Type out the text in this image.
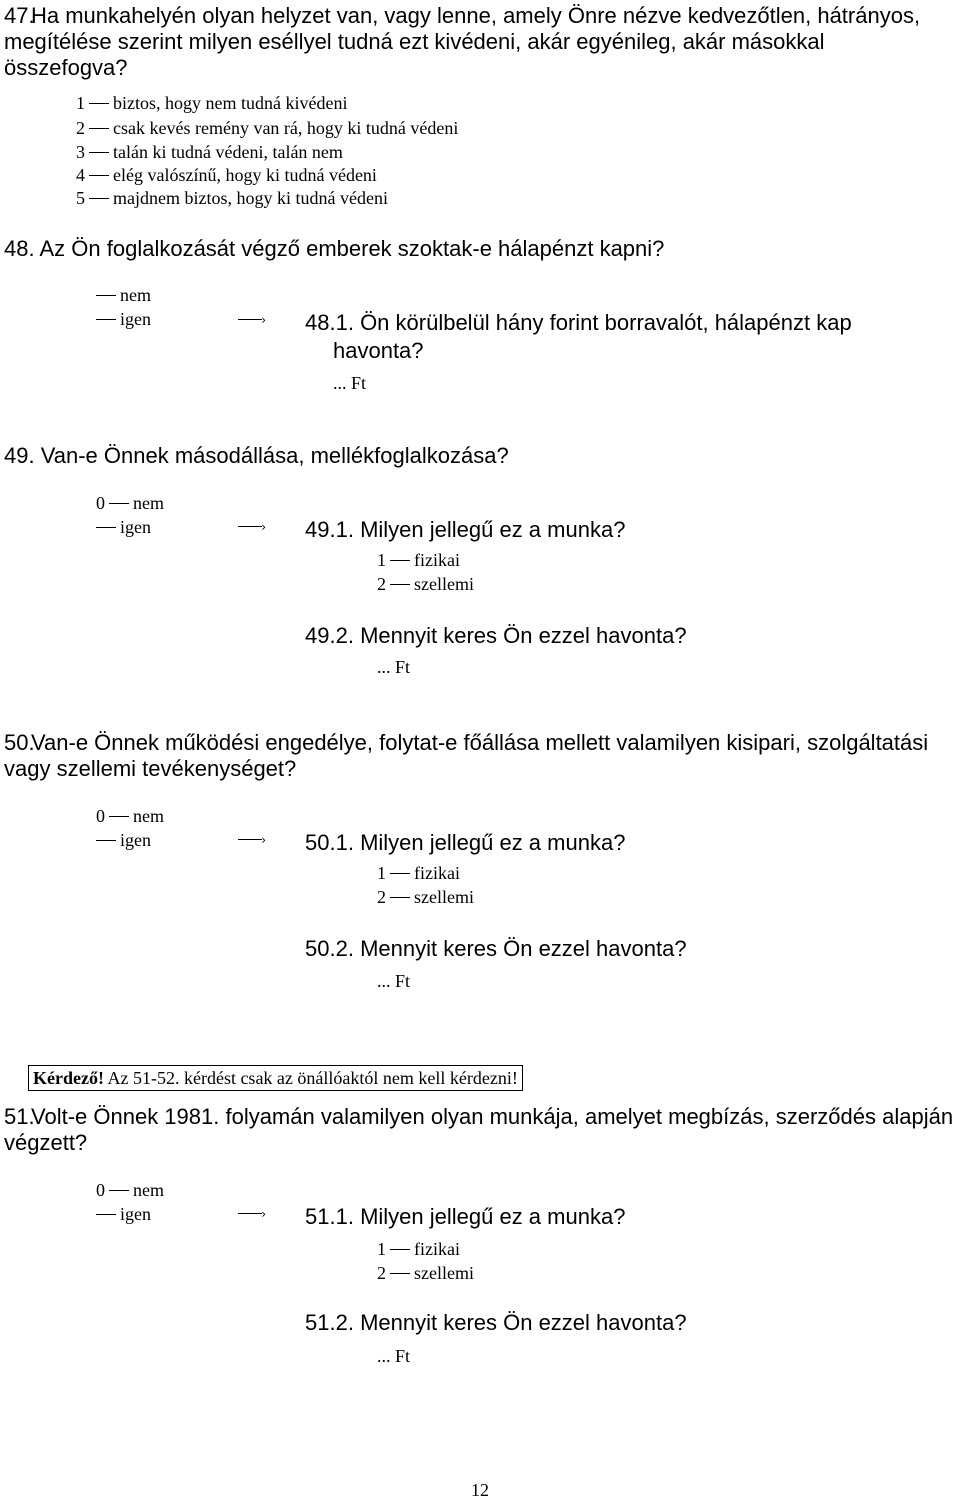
47.Ha munkahelyén olyan helyzet van, vagy lenne, amely Önre nézve kedvezőtlen, hátrányos, megítélése szerint milyen eséllyel tudná ezt kivédeni, akár egyénileg, akár másokkal összefogva?
1 biztos, hogy nem tudná kivédeni
2 csak kevés remény van rá, hogy ki tudná védeni
3 talán ki tudná védeni, talán nem
4 elég valószínű, hogy ki tudná védeni
5 majdnem biztos, hogy ki tudná védeni
48. Az Ön foglalkozását végző emberek szoktak-e hálapénzt kapni?
nem
igen	› 48.1. Ön körülbelül hány forint borravalót, hálapénzt kap
havonta?
... Ft
49. Van-e Önnek másodállása, mellékfoglalkozása?
0 nem
igen	› 49.1. Milyen jellegű ez a munka?
1 fizikai
2 szellemi
49.2. Mennyit keres Ön ezzel havonta?
... Ft
50.Van-e Önnek működési engedélye, folytat-e főállása mellett valamilyen kisipari, szolgáltatási vagy szellemi tevékenységet?
0 nem
igen	› 50.1. Milyen jellegű ez a munka?
1 fizikai
2 szellemi
50.2. Mennyit keres Ön ezzel havonta?
... Ft
Kérdező! Az 51-52. kérdést csak az önállóaktól nem kell kérdezni!
51.Volt-e Önnek 1981. folyamán valamilyen olyan munkája, amelyet megbízás, szerződés alapján végzett?
0 nem
igen	› 51.1. Milyen jellegű ez a munka?
1 fizikai
2 szellemi
51.2. Mennyit keres Ön ezzel havonta?
... Ft
12
